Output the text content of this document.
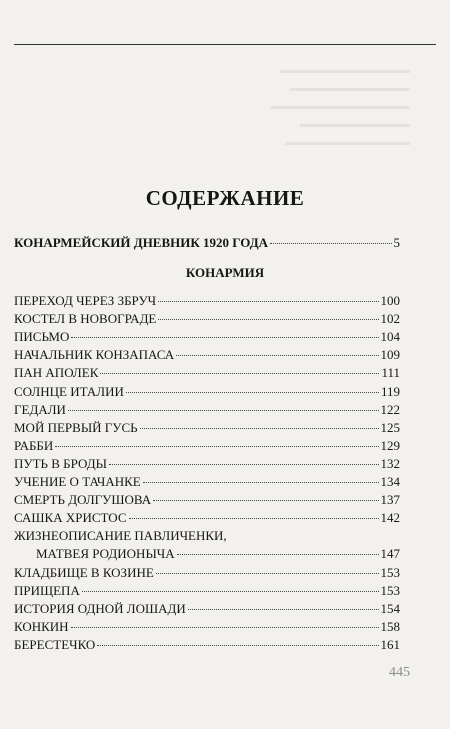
СОДЕРЖАНИЕ
КОНАРМЕЙСКИЙ ДНЕВНИК 1920 ГОДА	5
КОНАРМИЯ
ПЕРЕХОД ЧЕРЕЗ ЗБРУЧ	100
КОСТЕЛ В НОВОГРАДЕ	102
ПИСЬМО	104
НАЧАЛЬНИК КОНЗАПАСА	109
ПАН АПОЛЕК	111
СОЛНЦЕ ИТАЛИИ	119
ГЕДАЛИ	122
МОЙ ПЕРВЫЙ ГУСЬ	125
РАББИ	129
ПУТЬ В БРОДЫ	132
УЧЕНИЕ О ТАЧАНКЕ	134
СМЕРТЬ ДОЛГУШОВА	137
САШКА ХРИСТОС	142
ЖИЗНЕОПИСАНИЕ ПАВЛИЧЕНКИ,
МАТВЕЯ РОДИОНЫЧА	147
КЛАДБИЩЕ В КОЗИНЕ	153
ПРИЩЕПА	153
ИСТОРИЯ ОДНОЙ ЛОШАДИ	154
КОНКИН	158
БЕРЕСТЕЧКО	161
445
